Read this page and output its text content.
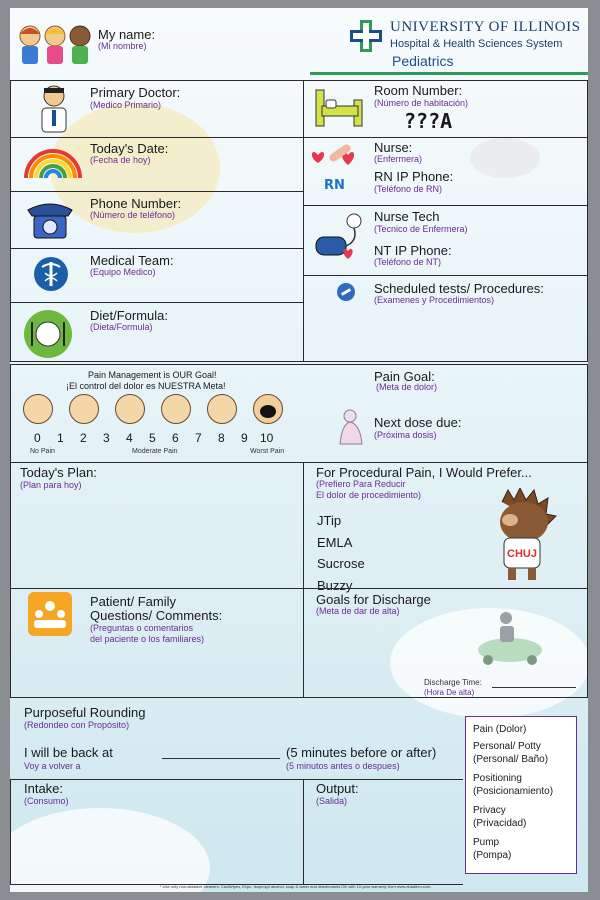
My name:
(Mi nombre)
UNIVERSITY OF ILLINOIS
Hospital & Health Sciences System
Pediatrics
Primary Doctor:
(Medico Primario)
Today's Date:
(Fecha de hoy)
Phone Number:
(Número de teléfono)
Medical Team:
(Equipo Medico)
Diet/Formula:
(Dieta/Formula)
Room Number:
(Número de habitación)
???A
RN
Nurse:
(Enfermera)
RN IP Phone:
(Teléfono de RN)
Nurse Tech
(Tecnico de Enfermera)
NT IP Phone:
(Teléfono de NT)
Scheduled tests/ Procedures:
(Examenes y Procedimientos)
Pain Management is OUR Goal!
¡El control del dolor es NUESTRA Meta!
0 1 2 3 4 5 6 7 8 9 10
No Pain	Moderate Pain	Worst Pain
Pain Goal:
(Meta de dolor)
Next dose due:
(Próxima dosis)
Today's Plan:
(Plan para hoy)
For Procedural Pain, I Would Prefer...
(Prefiero Para Reducir
El dolor de procedimiento)
JTip
EMLA
Sucrose
Buzzy
CHUJ
Patient/ Family
Questions/ Comments:
(Preguntas o comentarios
del paciente o los familiares)
Goals for Discharge
(Meta de dar de alta)
Discharge Time:
(Hora De alta)
Purposeful Rounding
(Redondeo con Propósito)
I will be back at
Voy a volver a
(5 minutes before or after)
(5 minutos antes o despues)
Pain (Dolor)
Personal/ Potty
(Personal/ Baño)
Positioning
(Posicionamiento)
Privacy
(Privacidad)
Pump
(Pompa)
Intake:
(Consumo)
Output:
(Salida)
* Use only non-abrasive cleaners. CaviWipes, Expo, Isopropyl alcohol, soap & water and disinfectants OK with 10-year warranty from www.ahaalbm.com.
